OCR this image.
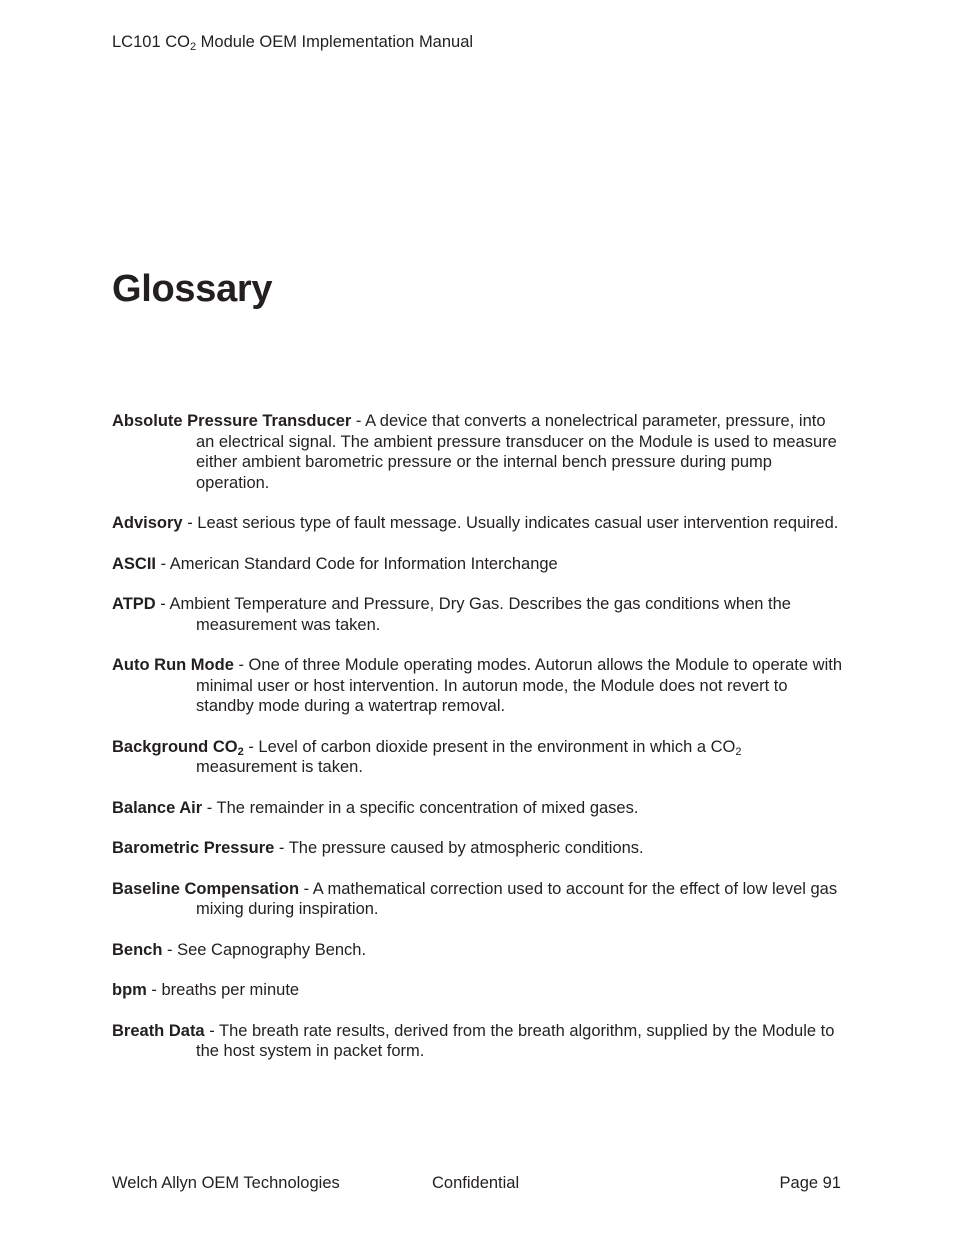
LC101 $CO_2$ Module OEM Implementation Manual
Glossary

Absolute Pressure Transducer - A device that converts a nonelectrical parameter, pressure, into an electrical signal. The ambient pressure transducer on the Module is used to measure either ambient barometric pressure or the internal bench pressure during pump operation.

Advisory - Least serious type of fault message. Usually indicates casual user intervention required.

ASCII - American Standard Code for Information Interchange

ATPD - Ambient Temperature and Pressure, Dry Gas. Describes the gas conditions when the measurement was taken.

Auto Run Mode - One of three Module operating modes. Autorun allows the Module to operate with minimal user or host intervention. In autorun mode, the Module does not revert to standby mode during a watertrap removal.

Background $CO_2$ - Level of carbon dioxide present in the environment in which a $CO_2$ measurement is taken.

Balance Air - The remainder in a specific concentration of mixed gases.

Barometric Pressure - The pressure caused by atmospheric conditions.

Baseline Compensation - A mathematical correction used to account for the effect of low level gas mixing during inspiration.

Bench - See Capnography Bench.

bpm - breaths per minute

Breath Data - The breath rate results, derived from the breath algorithm, supplied by the Module to the host system in packet form.

Welch Allyn OEM Technologies	Confidential	Page 91
